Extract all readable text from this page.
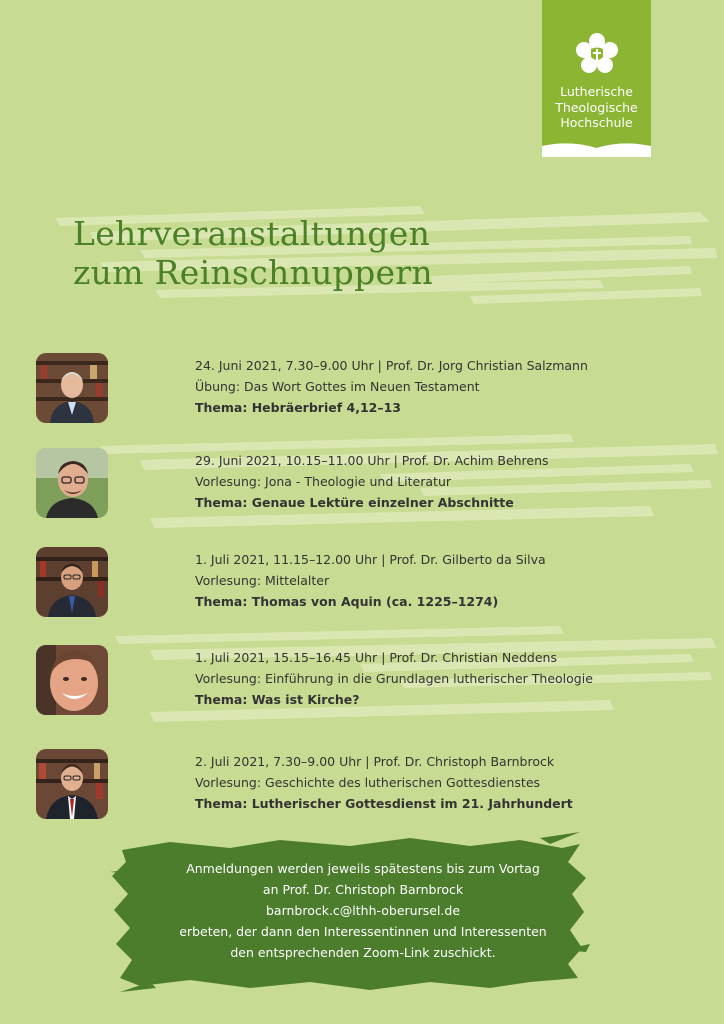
Lutherische
Theologische
Hochschule
Lehrveranstaltungen
zum Reinschnuppern
24. Juni 2021, 7.30–9.00 Uhr | Prof. Dr. Jorg Christian Salzmann
Übung: Das Wort Gottes im Neuen Testament
Thema: Hebräerbrief 4,12–13
29. Juni 2021, 10.15–11.00 Uhr | Prof. Dr. Achim Behrens
Vorlesung: Jona - Theologie und Literatur
Thema: Genaue Lektüre einzelner Abschnitte
1. Juli 2021, 11.15–12.00 Uhr | Prof. Dr. Gilberto da Silva
Vorlesung: Mittelalter
Thema: Thomas von Aquin (ca. 1225–1274)
1. Juli 2021, 15.15–16.45 Uhr | Prof. Dr. Christian Neddens
Vorlesung: Einführung in die Grundlagen lutherischer Theologie
Thema: Was ist Kirche?
2. Juli 2021, 7.30–9.00 Uhr | Prof. Dr. Christoph Barnbrock
Vorlesung: Geschichte des lutherischen Gottesdienstes
Thema: Lutherischer Gottesdienst im 21. Jahrhundert
Anmeldungen werden jeweils spätestens bis zum Vortag
an Prof. Dr. Christoph Barnbrock
barnbrock.c@lthh-oberursel.de
erbeten, der dann den Interessentinnen und Interessenten
den entsprechenden Zoom-Link zuschickt.
